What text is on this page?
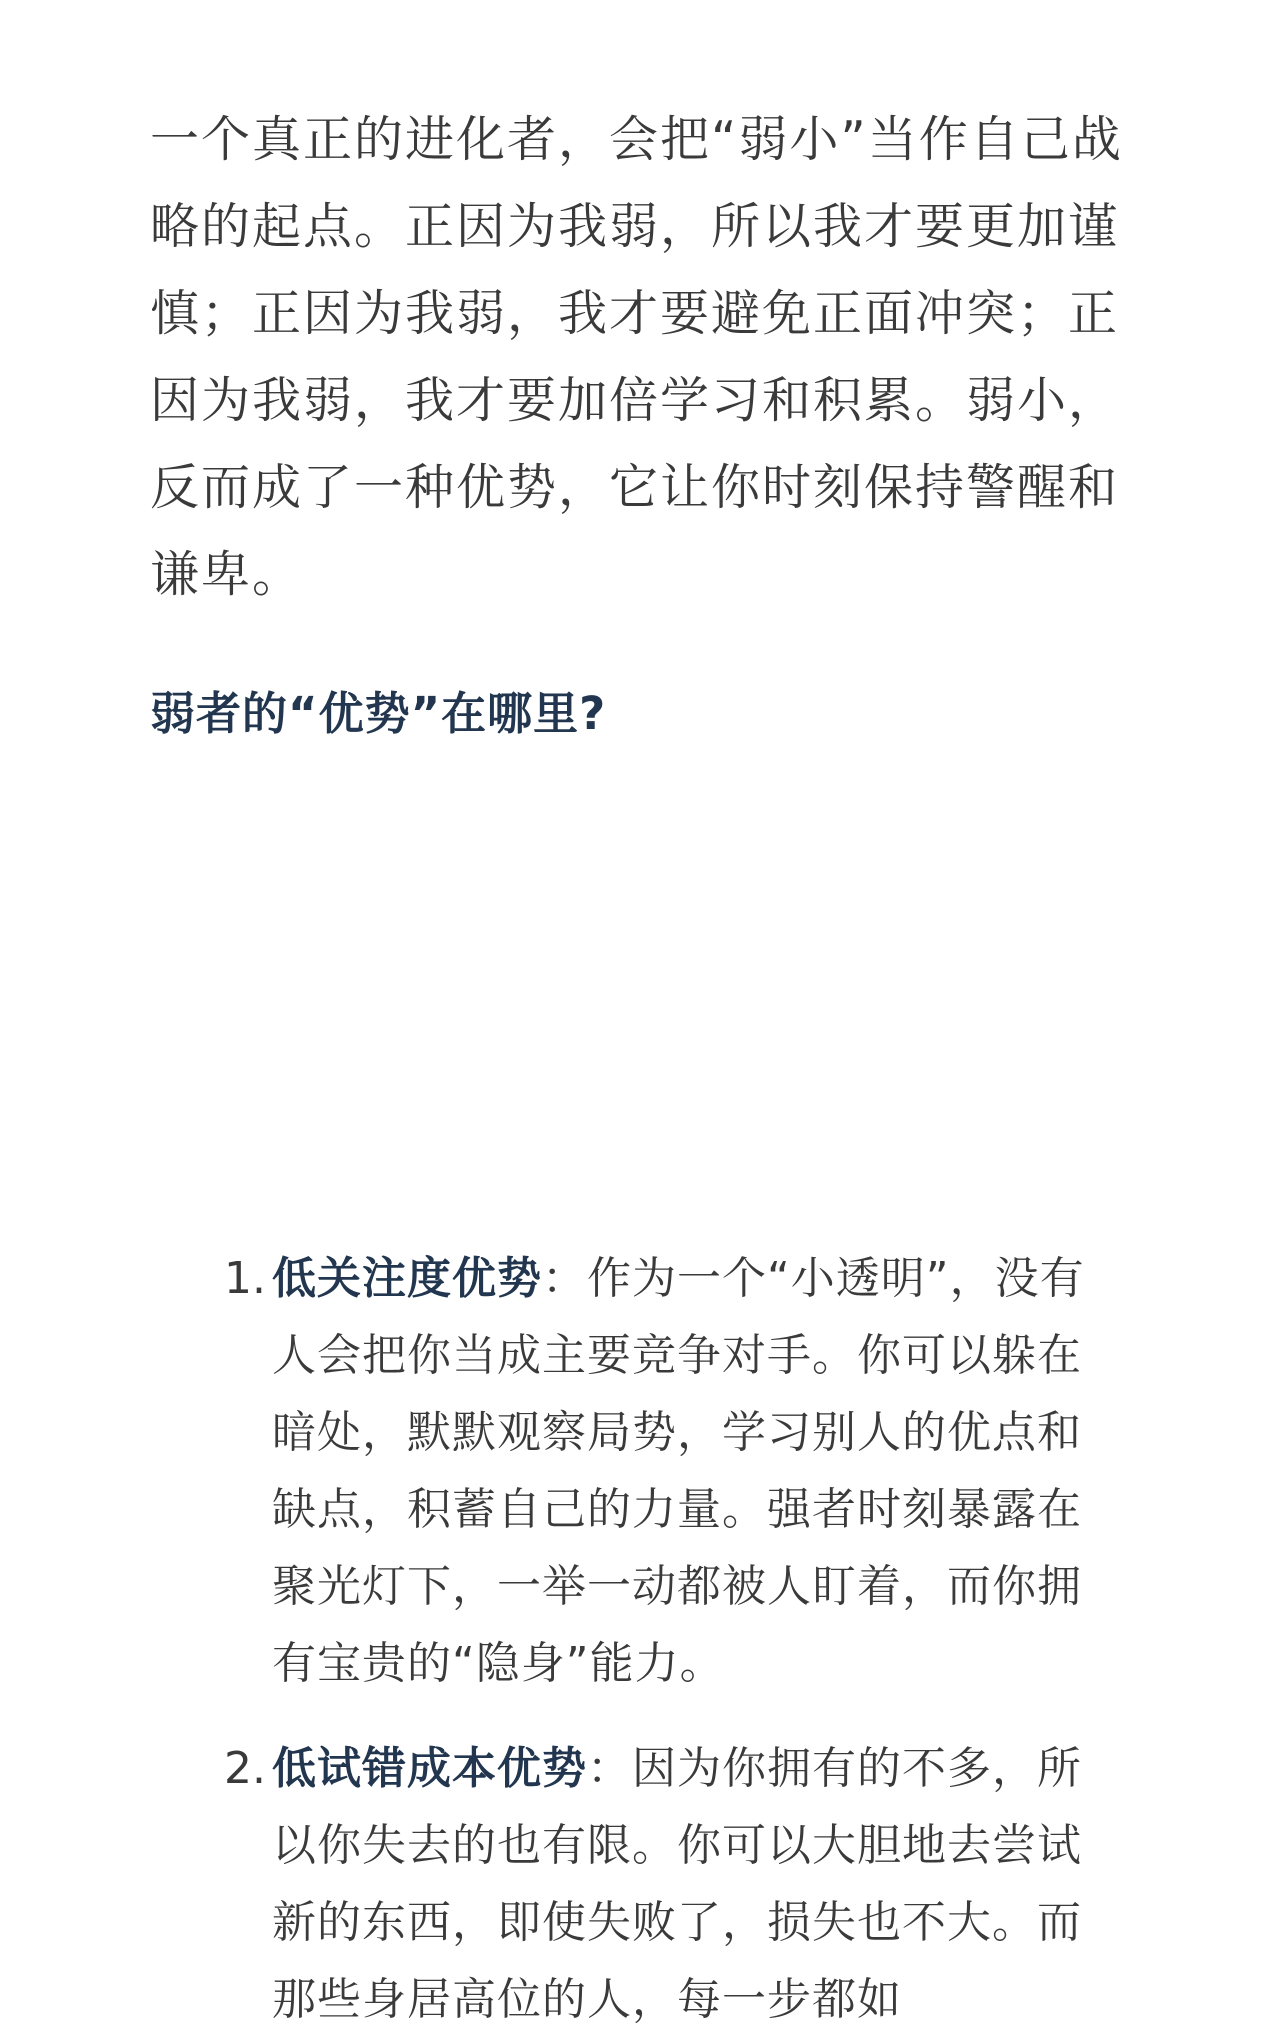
一个真正的进化者，会把“弱小”当作自己战略的起点。正因为我弱，所以我才要更加谨慎；正因为我弱，我才要避免正面冲突；正因为我弱，我才要加倍学习和积累。弱小，反而成了一种优势，它让你时刻保持警醒和谦卑。

弱者的“优势”在哪里?
1. 低关注度优势：作为一个“小透明”，没有人会把你当成主要竞争对手。你可以躲在暗处，默默观察局势，学习别人的优点和缺点，积蓄自己的力量。强者时刻暴露在聚光灯下，一举一动都被人盯着，而你拥有宝贵的“隐身”能力。
2. 低试错成本优势：因为你拥有的不多，所以你失去的也有限。你可以大胆地去尝试新的东西，即使失败了，损失也不大。而那些身居高位的人，每一步都如
